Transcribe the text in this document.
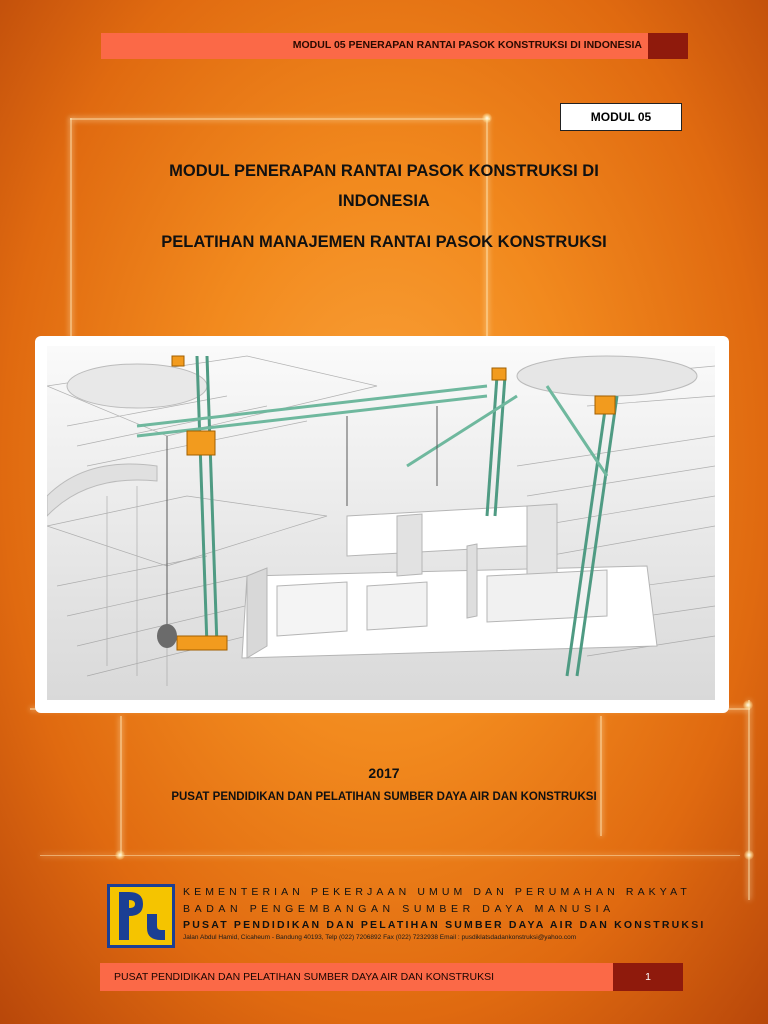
MODUL 05 PENERAPAN RANTAI PASOK KONSTRUKSI DI INDONESIA
MODUL 05
MODUL PENERAPAN RANTAI PASOK KONSTRUKSI DI
INDONESIA
PELATIHAN MANAJEMEN RANTAI PASOK KONSTRUKSI
2017
PUSAT PENDIDIKAN DAN PELATIHAN SUMBER DAYA AIR DAN KONSTRUKSI
KEMENTERIAN PEKERJAAN UMUM DAN PERUMAHAN RAKYAT
BADAN PENGEMBANGAN SUMBER DAYA MANUSIA
PUSAT PENDIDIKAN DAN PELATIHAN SUMBER DAYA AIR DAN KONSTRUKSI
Jalan Abdul Hamid, Cicaheum - Bandung 40193, Telp (022) 7206892 Fax (022) 7232938 Email : pusdiklatsdadankonstruksi@yahoo.com
PUSAT PENDIDIKAN DAN PELATIHAN SUMBER DAYA AIR DAN KONSTRUKSI	1
